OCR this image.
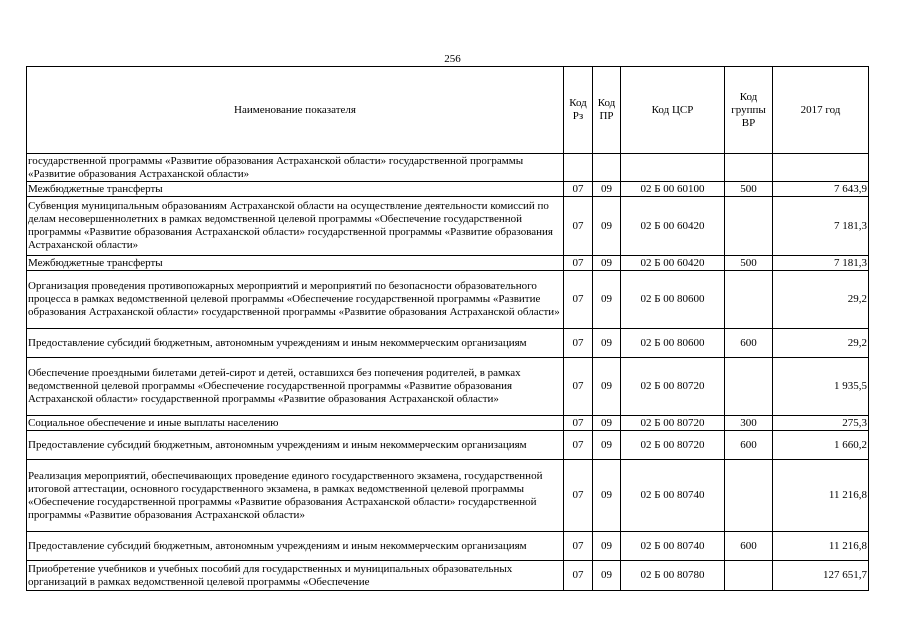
256
Наименование показателя	Код Рз	Код ПР	Код ЦСР	Код группы ВР	2017 год
государственной программы «Развитие образования Астраханской области» государственной программы «Развитие образования Астраханской области»					
Межбюджетные трансферты	07	09	02 Б 00 60100	500	7 643,9
Субвенция муниципальным образованиям Астраханской области на осуществление деятельности комиссий по делам несовершеннолетних в рамках ведомственной целевой программы «Обеспечение государственной программы «Развитие образования Астраханской области» государственной программы «Развитие образования Астраханской области»	07	09	02 Б 00 60420		7 181,3
Межбюджетные трансферты	07	09	02 Б 00 60420	500	7 181,3
Организация проведения противопожарных мероприятий и мероприятий по безопасности образовательного процесса в рамках ведомственной целевой программы «Обеспечение государственной программы «Развитие образования Астраханской области» государственной программы «Развитие образования Астраханской области»	07	09	02 Б 00 80600		29,2
Предоставление субсидий бюджетным, автономным учреждениям и иным некоммерческим организациям	07	09	02 Б 00 80600	600	29,2
Обеспечение проездными билетами детей-сирот и детей, оставшихся без попечения родителей, в рамках ведомственной целевой программы «Обеспечение государственной программы «Развитие образования Астраханской области» государственной программы «Развитие образования Астраханской области»	07	09	02 Б 00 80720		1 935,5
Социальное обеспечение и иные выплаты населению	07	09	02 Б 00 80720	300	275,3
Предоставление субсидий бюджетным, автономным учреждениям и иным некоммерческим организациям	07	09	02 Б 00 80720	600	1 660,2
Реализация мероприятий, обеспечивающих проведение единого государственного экзамена, государственной итоговой аттестации, основного государственного экзамена, в рамках ведомственной целевой программы «Обеспечение государственной программы «Развитие образования Астраханской области» государственной программы «Развитие образования Астраханской области»	07	09	02 Б 00 80740		11 216,8
Предоставление субсидий бюджетным, автономным учреждениям и иным некоммерческим организациям	07	09	02 Б 00 80740	600	11 216,8
Приобретение учебников и учебных пособий для государственных и муниципальных образовательных организаций в рамках ведомственной целевой программы «Обеспечение	07	09	02 Б 00 80780		127 651,7
